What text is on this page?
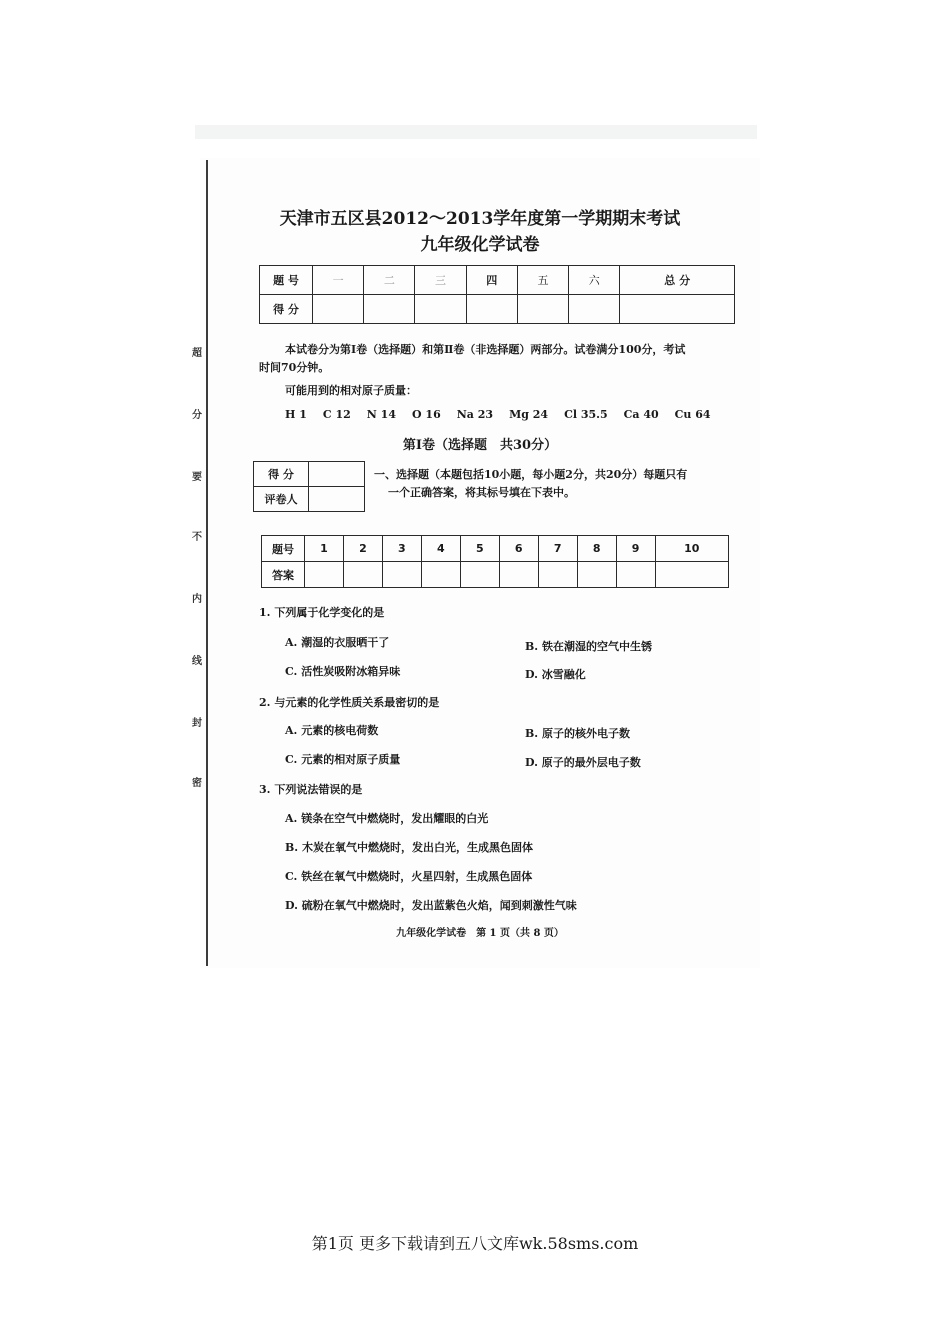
超
分
要
不
内
线
封
密
天津市五区县2012～2013学年度第一学期期末考试
九年级化学试卷
题 号	一	二	三	四	五	六	总 分
得 分							
本试卷分为第Ⅰ卷（选择题）和第Ⅱ卷（非选择题）两部分。试卷满分100分，考试
时间70分钟。
可能用到的相对原子质量：
H 1 C 12 N 14 O 16 Na 23 Mg 24 Cl 35.5 Ca 40 Cu 64
第Ⅰ卷（选择题　共30分）
得 分	
评卷人	
一、选择题（本题包括10小题，每小题2分，共20分）每题只有
一个正确答案，将其标号填在下表中。
题号	1	2	3	4	5	6	7	8	9	10
答案										
1. 下列属于化学变化的是
A. 潮湿的衣服晒干了	B. 铁在潮湿的空气中生锈
C. 活性炭吸附冰箱异味	D. 冰雪融化
2. 与元素的化学性质关系最密切的是
A. 元素的核电荷数	B. 原子的核外电子数
C. 元素的相对原子质量	D. 原子的最外层电子数
3. 下列说法错误的是
A. 镁条在空气中燃烧时，发出耀眼的白光
B. 木炭在氧气中燃烧时，发出白光，生成黑色固体
C. 铁丝在氧气中燃烧时，火星四射，生成黑色固体
D. 硫粉在氧气中燃烧时，发出蓝紫色火焰，闻到刺激性气味
九年级化学试卷　第 1 页（共 8 页）
第1页 更多下载请到五八文库wk.58sms.com
